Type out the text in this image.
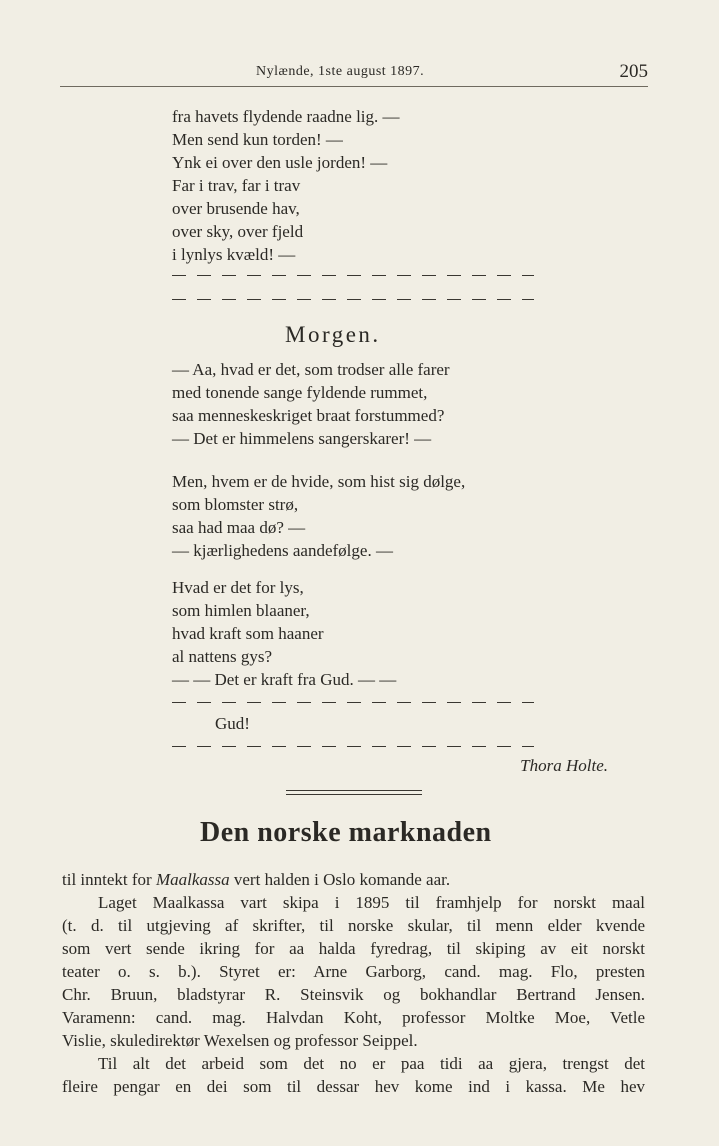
Nylænde, 1ste august 1897.	205
fra havets flydende raadne lig. —
Men send kun torden! —
Ynk ei over den usle jorden! —
Far i trav, far i trav
over brusende hav,
over sky, over fjeld
i lynlys kvæld! —
Morgen.
— Aa, hvad er det, som trodser alle farer
med tonende sange fyldende rummet,
saa menneskeskriget braat forstummed?
— Det er himmelens sangerskarer! —
Men, hvem er de hvide, som hist sig dølge,
som blomster strø,
saa had maa dø? —
— kjærlighedens aandefølge. —
Hvad er det for lys,
som himlen blaaner,
hvad kraft som haaner
al nattens gys?
— — Det er kraft fra Gud. — —
Gud!
Thora Holte.
Den norske marknaden
til inntekt for Maalkassa vert halden i Oslo komande aar.
Laget Maalkassa vart skipa i 1895 til framhjelp for norskt maal
(t. d. til utgjeving af skrifter, til norske skular, til menn elder kvende
som vert sende ikring for aa halda fyredrag, til skiping av eit norskt
teater o. s. b.). Styret er: Arne Garborg, cand. mag. Flo, presten
Chr. Bruun, bladstyrar R. Steinsvik og bokhandlar Bertrand Jensen.
Varamenn: cand. mag. Halvdan Koht, professor Moltke Moe, Vetle
Vislie, skuledirektør Wexelsen og professor Seippel.
Til alt det arbeid som det no er paa tidi aa gjera, trengst det
fleire pengar en dei som til dessar hev kome ind i kassa. Me hev
